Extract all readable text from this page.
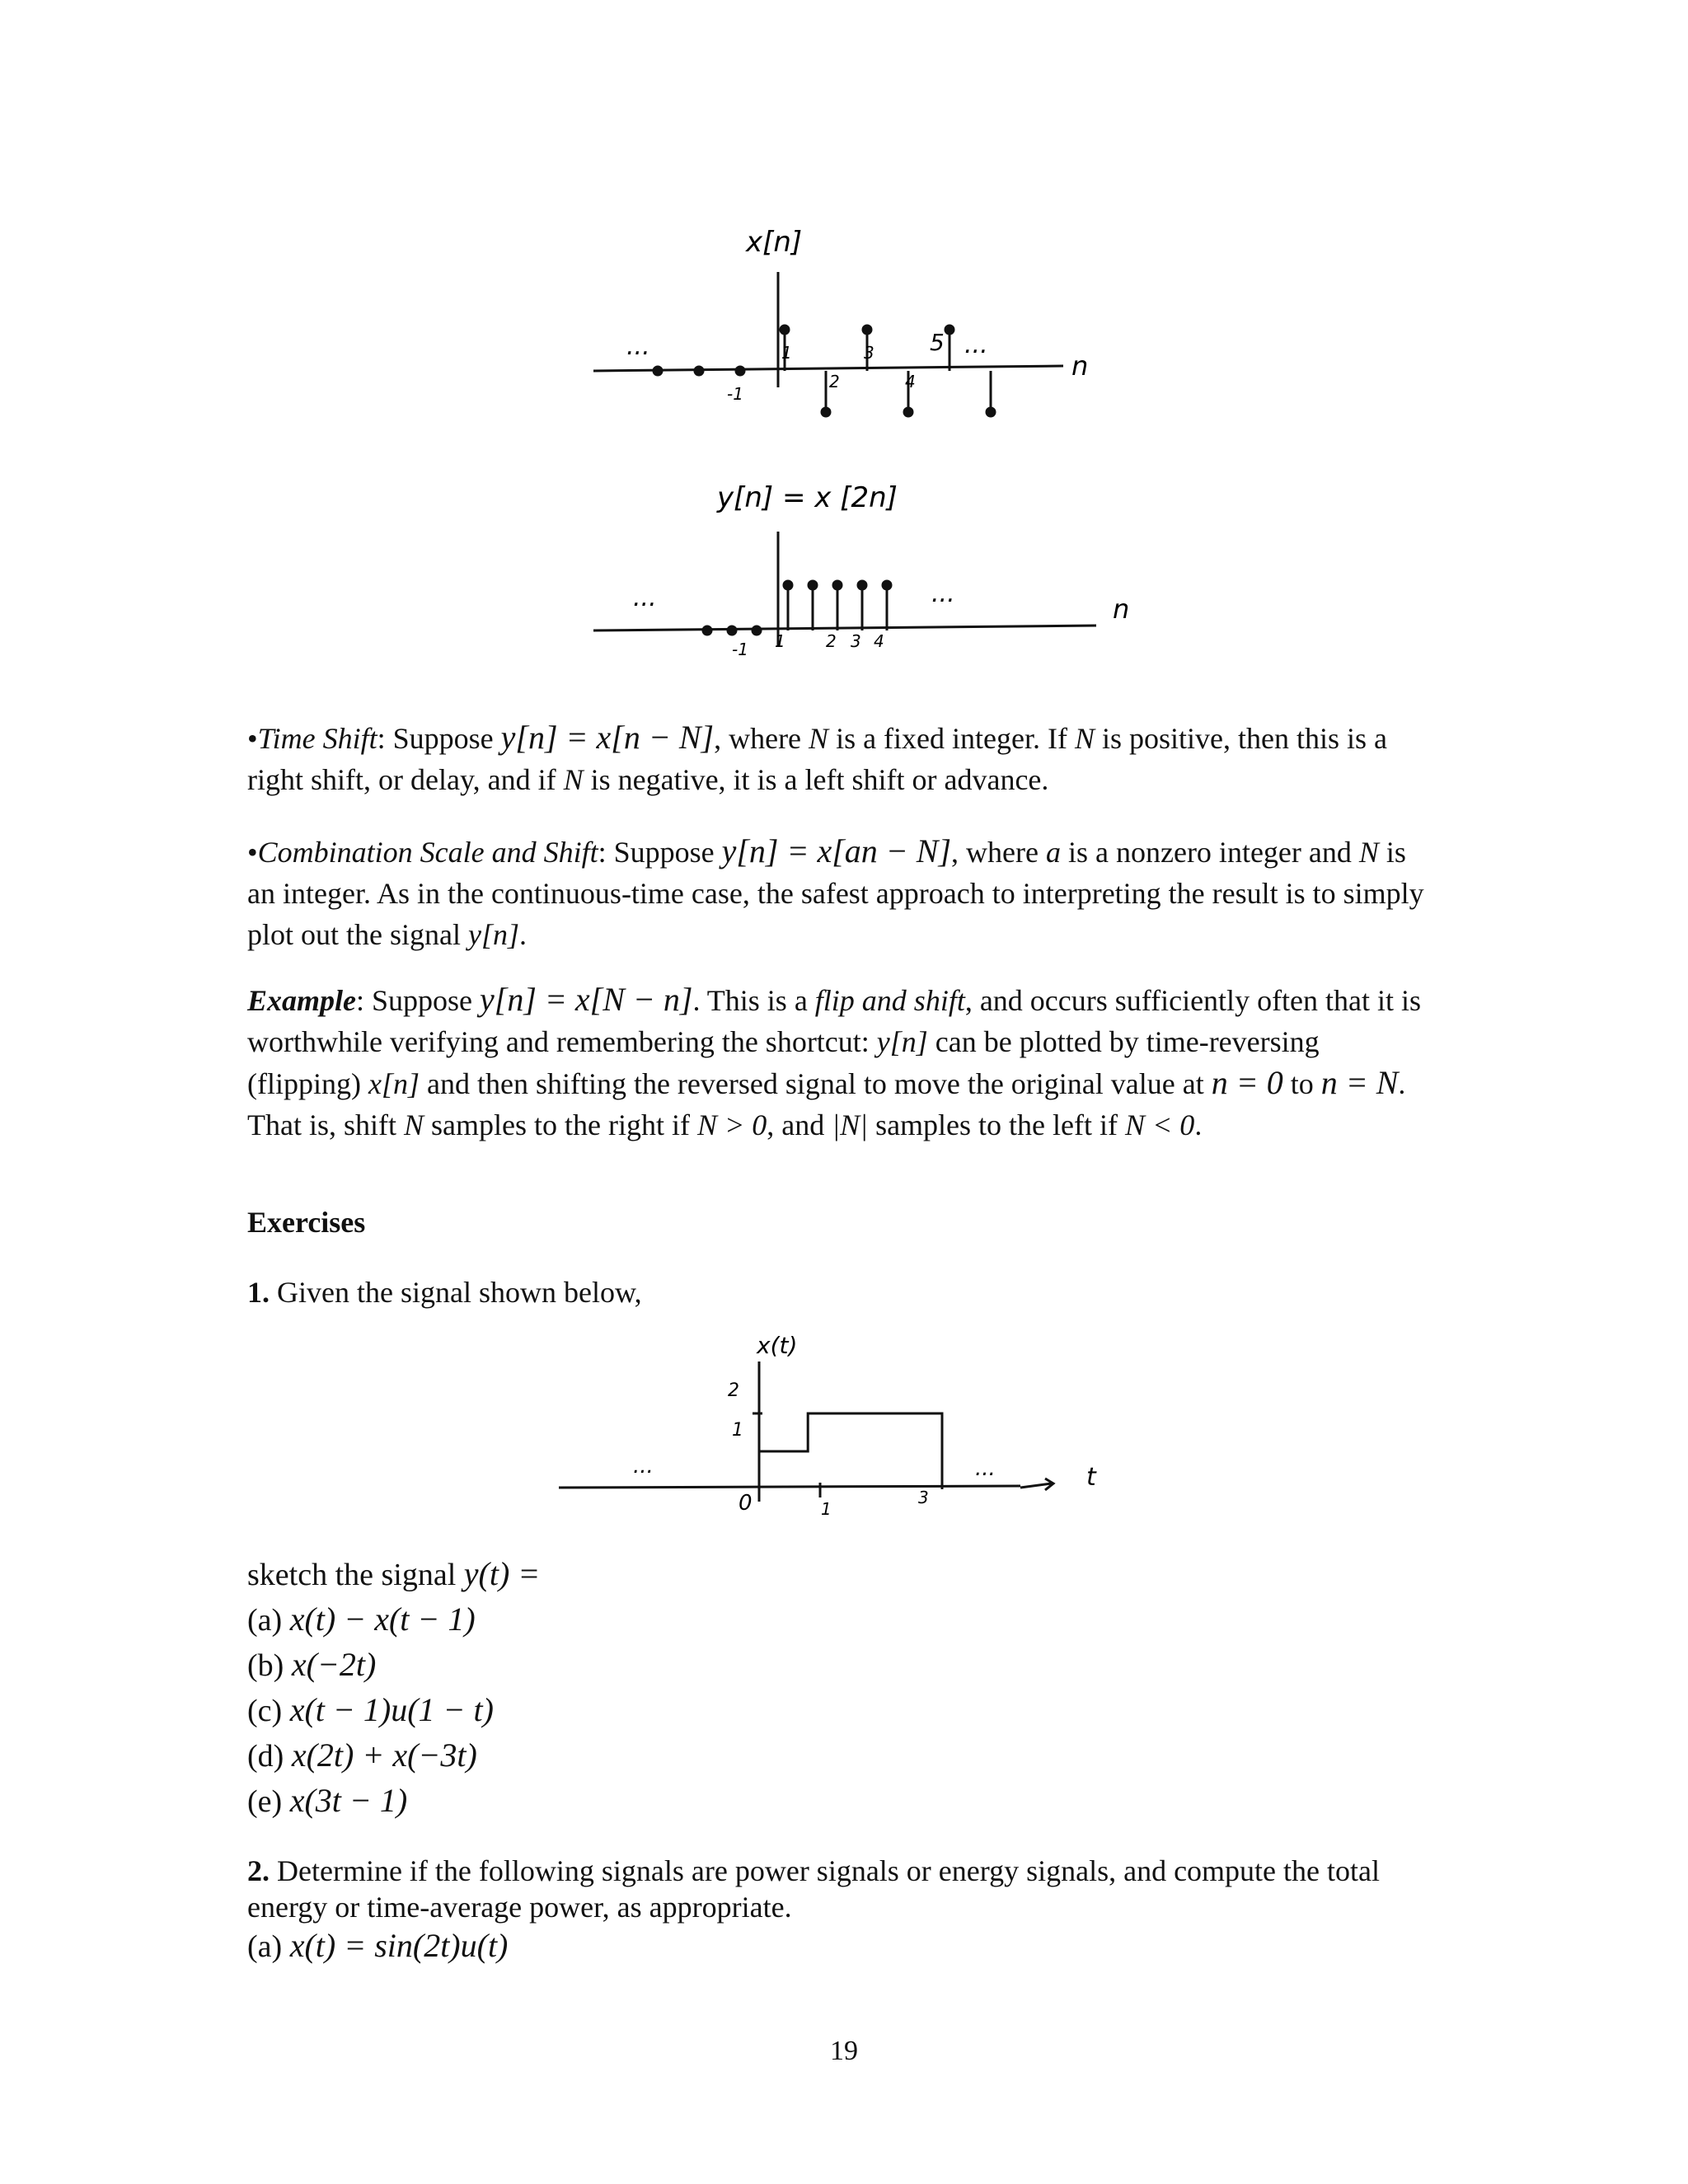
x[n]
...	...
n
1	3 5
-1
2	4
y[n] = x [2n]
...	...	n
-1 1 2 3 4
•Time Shift: Suppose y[n] = x[n − N], where N is a fixed integer. If N is positive, then this is a right shift, or delay, and if N is negative, it is a left shift or advance.
•Combination Scale and Shift: Suppose y[n] = x[an − N], where a is a nonzero integer and N is an integer. As in the continuous-time case, the safest approach to interpreting the result is to simply plot out the signal y[n].
Example: Suppose y[n] = x[N − n]. This is a flip and shift, and occurs sufficiently often that it is worthwhile verifying and remembering the shortcut: y[n] can be plotted by time-reversing (flipping) x[n] and then shifting the reversed signal to move the original value at n = 0 to n = N. That is, shift N samples to the right if N > 0, and |N| samples to the left if N < 0.
Exercises
1. Given the signal shown below,
x(t)
2
1
...	...
0	1
3
t
sketch the signal y(t) =
(a) x(t) − x(t − 1)
(b) x(−2t)
(c) x(t − 1)u(1 − t)
(d) x(2t) + x(−3t)
(e) x(3t − 1)
2. Determine if the following signals are power signals or energy signals, and compute the total energy or time-average power, as appropriate.
(a) x(t) = sin(2t)u(t)
19
